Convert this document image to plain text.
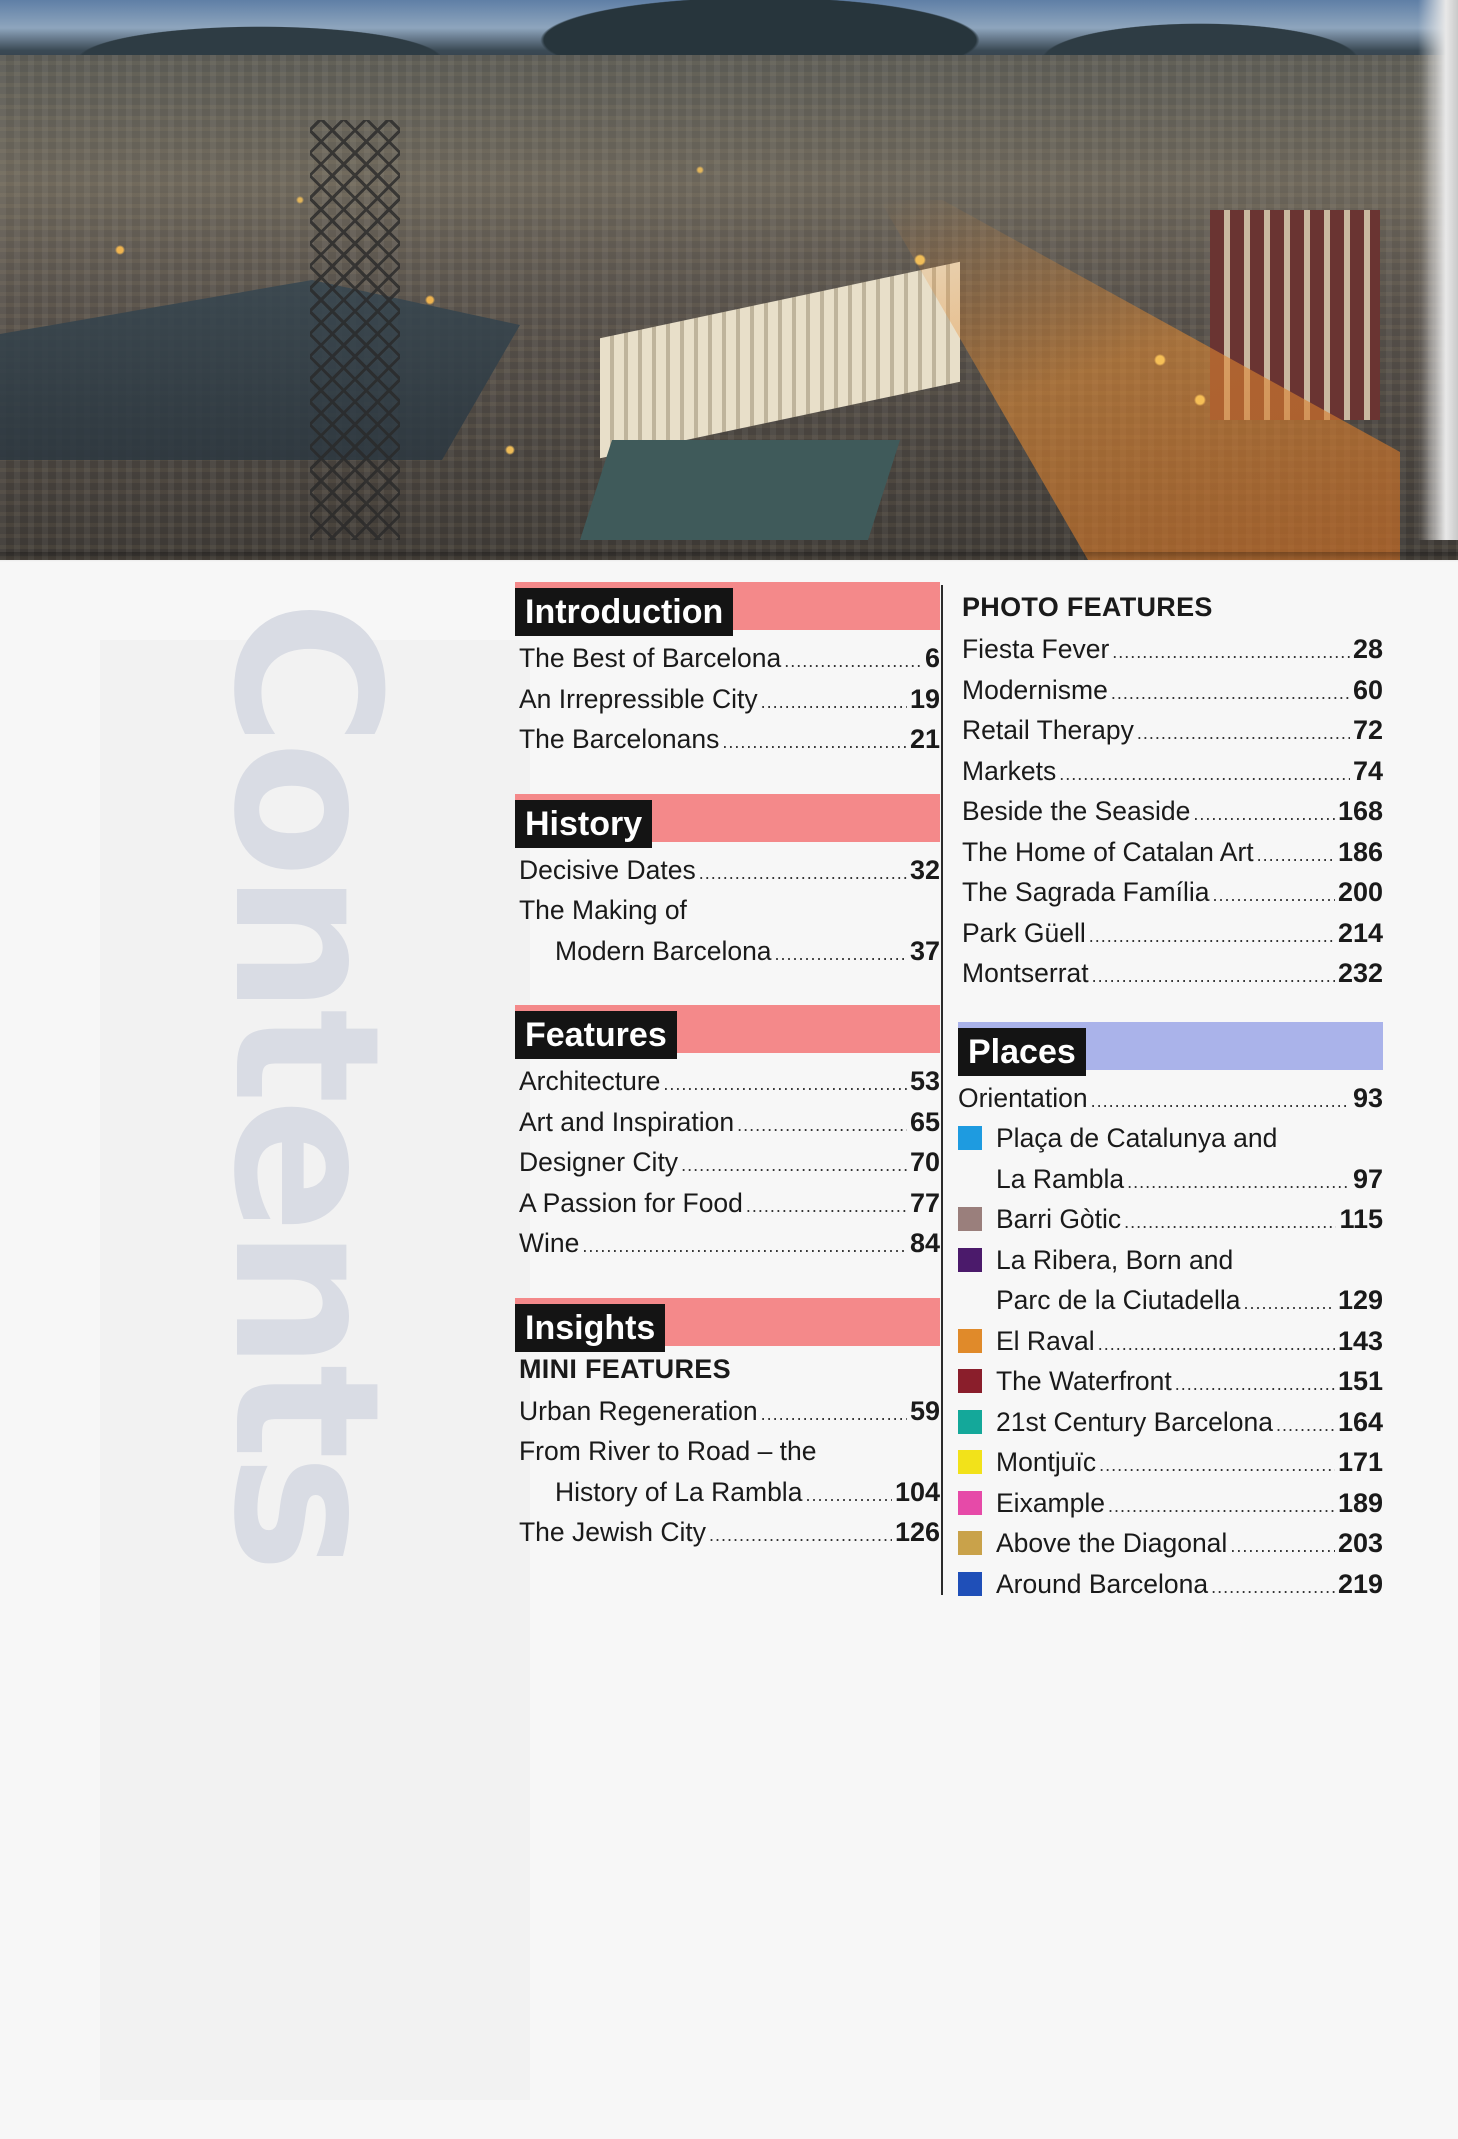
Contents	Introduction
The Best of Barcelona .....	6
An Irrepressible City .....	19
The Barcelonans .....	21
History
Decisive Dates .....	32
The Making of
Modern Barcelona .....	37
Features
Architecture .....	53
Art and Inspiration .....	65
Designer City .....	70
A Passion for Food .....	77
Wine .....	84
Insights
MINI FEATURES
Urban Regeneration .....	59
From River to Road – the
History of La Rambla .....	104
The Jewish City .....	126
PHOTO FEATURES
Fiesta Fever .....	28
Modernisme .....	60
Retail Therapy .....	72
Markets .....	74
Beside the Seaside .....	168
The Home of Catalan Art .....	186
The Sagrada Família .....	200
Park Güell .....	214
Montserrat .....	232
Places
Orientation .....	93
Plaça de Catalunya and
La Rambla .....	97
Barri Gòtic .....	115
La Ribera, Born and
Parc de la Ciutadella .....	129
El Raval .....	143
The Waterfront .....	151
21st Century Barcelona ..... 164
Montjuïc .....	171
Eixample .....	189
Above the Diagonal .....	203
Around Barcelona .....	219
